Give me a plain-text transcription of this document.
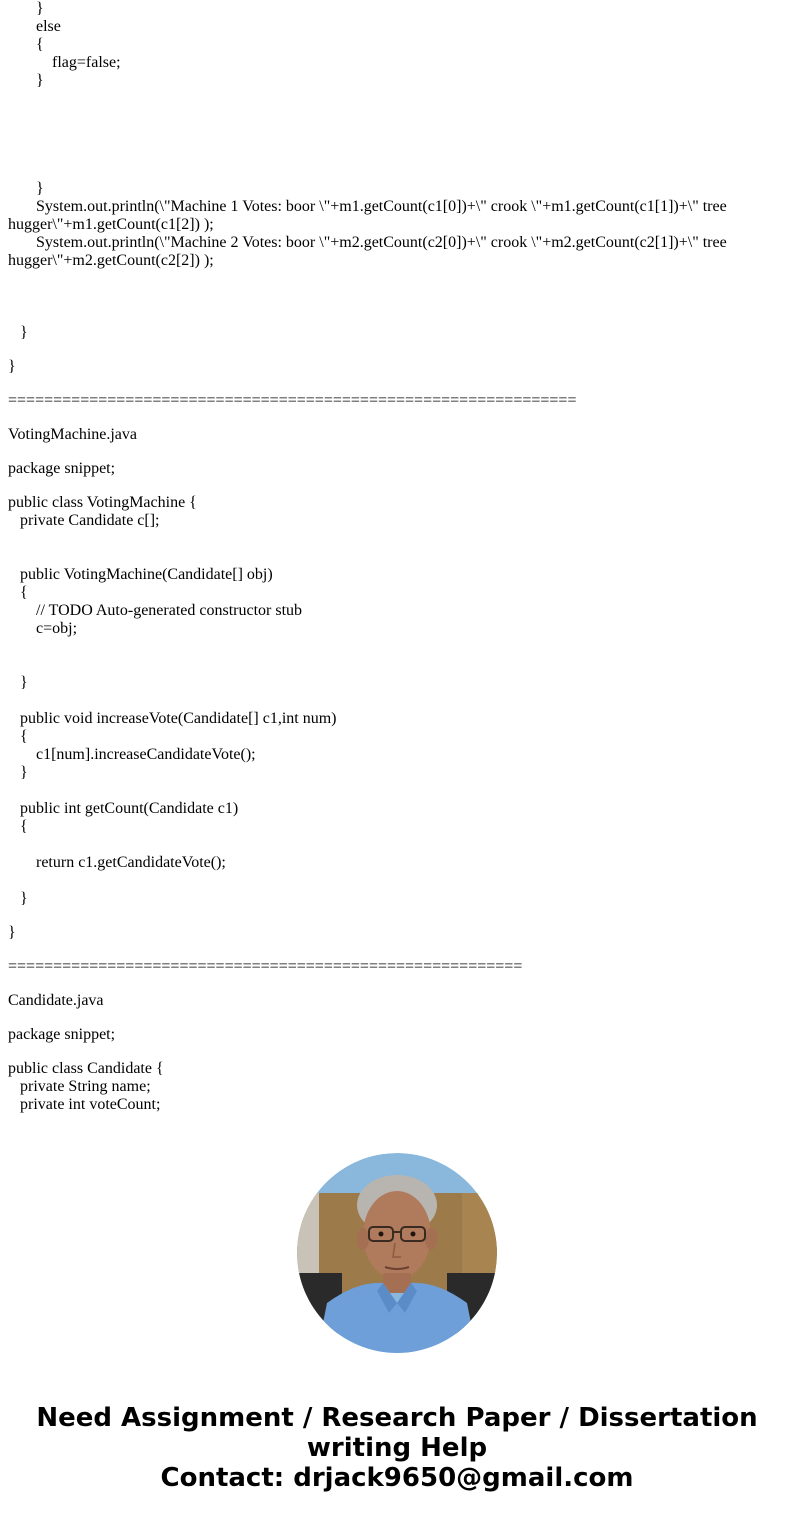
}
else
{
flag=false;
}
}
System.out.println(\"Machine 1 Votes: boor \"+m1.getCount(c1[0])+\" crook \"+m1.getCount(c1[1])+\" tree hugger\"+m1.getCount(c1[2]) );
System.out.println(\"Machine 2 Votes: boor \"+m2.getCount(c2[0])+\" crook \"+m2.getCount(c2[1])+\" tree hugger\"+m2.getCount(c2[2]) );
}
}
===============================================================
VotingMachine.java
package snippet;
public class VotingMachine {
private Candidate c[];
public VotingMachine(Candidate[] obj)
{
// TODO Auto-generated constructor stub
c=obj;
}
public void increaseVote(Candidate[] c1,int num)
{
c1[num].increaseCandidateVote();
}
public int getCount(Candidate c1)
{
return c1.getCandidateVote();
}
}
=========================================================
Candidate.java
package snippet;
public class Candidate {
private String name;
private int voteCount;
Need Assignment / Research Paper / Dissertation
writing Help
Contact: drjack9650@gmail.com
